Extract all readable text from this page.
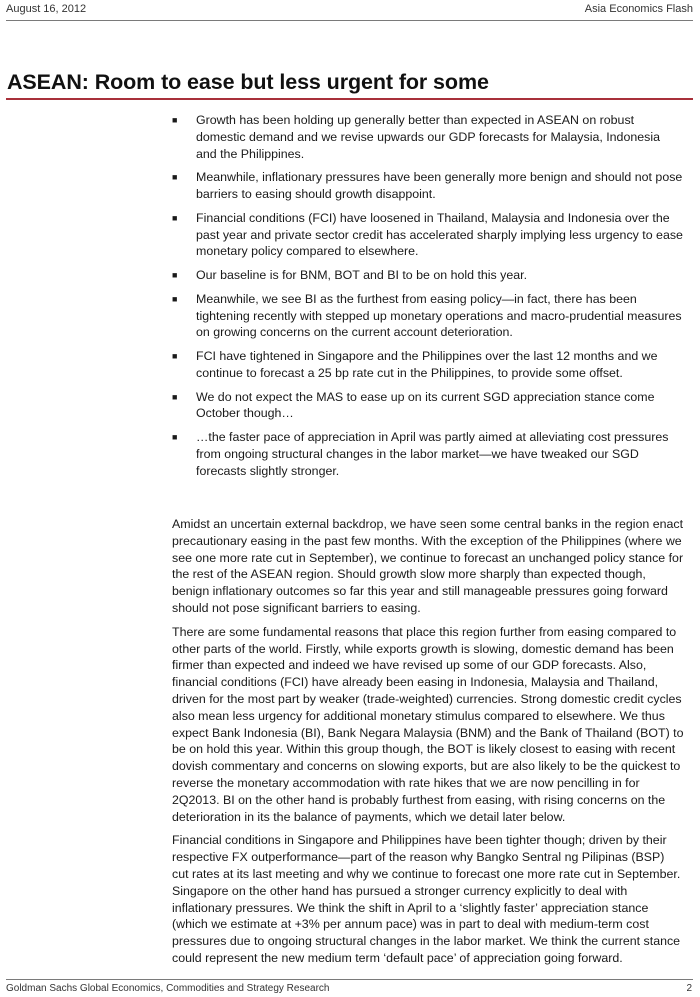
August 16, 2012	Asia Economics Flash
ASEAN: Room to ease but less urgent for some
■ Growth has been holding up generally better than expected in ASEAN on robust domestic demand and we revise upwards our GDP forecasts for Malaysia, Indonesia and the Philippines.
■ Meanwhile, inflationary pressures have been generally more benign and should not pose barriers to easing should growth disappoint.
■ Financial conditions (FCI) have loosened in Thailand, Malaysia and Indonesia over the past year and private sector credit has accelerated sharply implying less urgency to ease monetary policy compared to elsewhere.
■ Our baseline is for BNM, BOT and BI to be on hold this year.
■ Meanwhile, we see BI as the furthest from easing policy—in fact, there has been tightening recently with stepped up monetary operations and macro-prudential measures on growing concerns on the current account deterioration.
■ FCI have tightened in Singapore and the Philippines over the last 12 months and we continue to forecast a 25 bp rate cut in the Philippines, to provide some offset.
■ We do not expect the MAS to ease up on its current SGD appreciation stance come October though…
■ …the faster pace of appreciation in April was partly aimed at alleviating cost pressures from ongoing structural changes in the labor market—we have tweaked our SGD forecasts slightly stronger.

Amidst an uncertain external backdrop, we have seen some central banks in the region enact precautionary easing in the past few months. With the exception of the Philippines (where we see one more rate cut in September), we continue to forecast an unchanged policy stance for the rest of the ASEAN region. Should growth slow more sharply than expected though, benign inflationary outcomes so far this year and still manageable pressures going forward should not pose significant barriers to easing.

There are some fundamental reasons that place this region further from easing compared to other parts of the world. Firstly, while exports growth is slowing, domestic demand has been firmer than expected and indeed we have revised up some of our GDP forecasts. Also, financial conditions (FCI) have already been easing in Indonesia, Malaysia and Thailand, driven for the most part by weaker (trade-weighted) currencies. Strong domestic credit cycles also mean less urgency for additional monetary stimulus compared to elsewhere. We thus expect Bank Indonesia (BI), Bank Negara Malaysia (BNM) and the Bank of Thailand (BOT) to be on hold this year. Within this group though, the BOT is likely closest to easing with recent dovish commentary and concerns on slowing exports, but are also likely to be the quickest to reverse the monetary accommodation with rate hikes that we are now pencilling in for 2Q2013. BI on the other hand is probably furthest from easing, with rising concerns on the deterioration in its the balance of payments, which we detail later below.

Financial conditions in Singapore and Philippines have been tighter though; driven by their respective FX outperformance—part of the reason why Bangko Sentral ng Pilipinas (BSP) cut rates at its last meeting and why we continue to forecast one more rate cut in September. Singapore on the other hand has pursued a stronger currency explicitly to deal with inflationary pressures. We think the shift in April to a ‘slightly faster’ appreciation stance (which we estimate at +3% per annum pace) was in part to deal with medium-term cost pressures due to ongoing structural changes in the labor market. We think the current stance could represent the new medium term ‘default pace’ of appreciation going forward.

Goldman Sachs Global Economics, Commodities and Strategy Research	2
